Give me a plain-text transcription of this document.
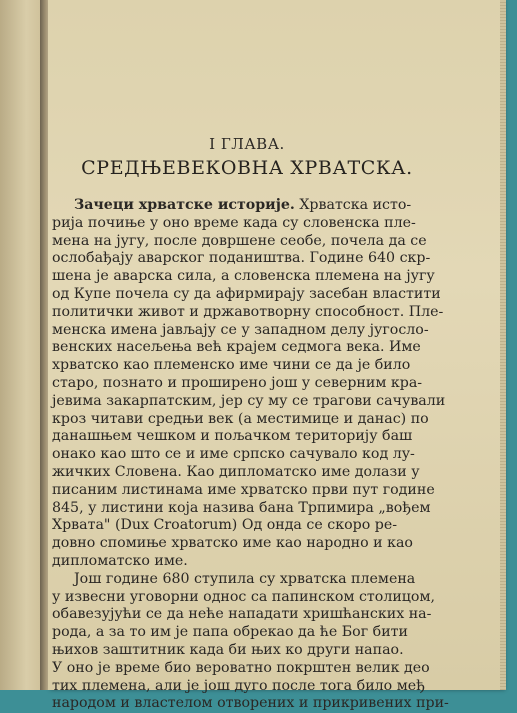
I ГЛАВА.
СРЕДЊЕВЕКОВНА ХРВАТСКА.
Зачеци хрватске историје. Хрватска исто-
рија почиње у оно време када су словенска пле-
мена на југу, после довршене сеобе, почела да се
ослобађају аварског подаништва. Године 640 скр-
шена је аварска сила, а словенска племена на југу
од Купе почела су да афирмирају засебан властити
политички живот и државотворну способност. Пле-
менска имена јављају се у западном делу југосло-
венских насељења већ крајем седмога века. Име
хрватско као племенско име чини се да је било
старо, познато и проширено још у северним кра-
јевима закарпатским, јер су му се трагови сачували
кроз читави средњи век (а местимице и данас) по
данашњем чешком и пољачком територију баш
онако као што се и име српско сачувало код лу-
жичких Словена. Као дипломатско име долази у
писаним листинама име хрватско први пут године
845, у листини која назива бана Трпимира „вођем
Хрвата" (Dux Croatorum) Од онда се скоро ре-
довно спомиње хрватско име као народно и као
дипломатско име.
Још године 680 ступила су хрватска племена
у извесни уговорни однос са папинском столицом,
обавезујући се да неће нападати хришћанских на-
рода, а за то им је папа обрекао да ће Бог бити
њихов заштитник када би њих ко други напао.
У оно је време био вероватно покрштен велик део
тих племена, али је још дуго после тога било међ
народом и властелом отворених и прикривених при-
